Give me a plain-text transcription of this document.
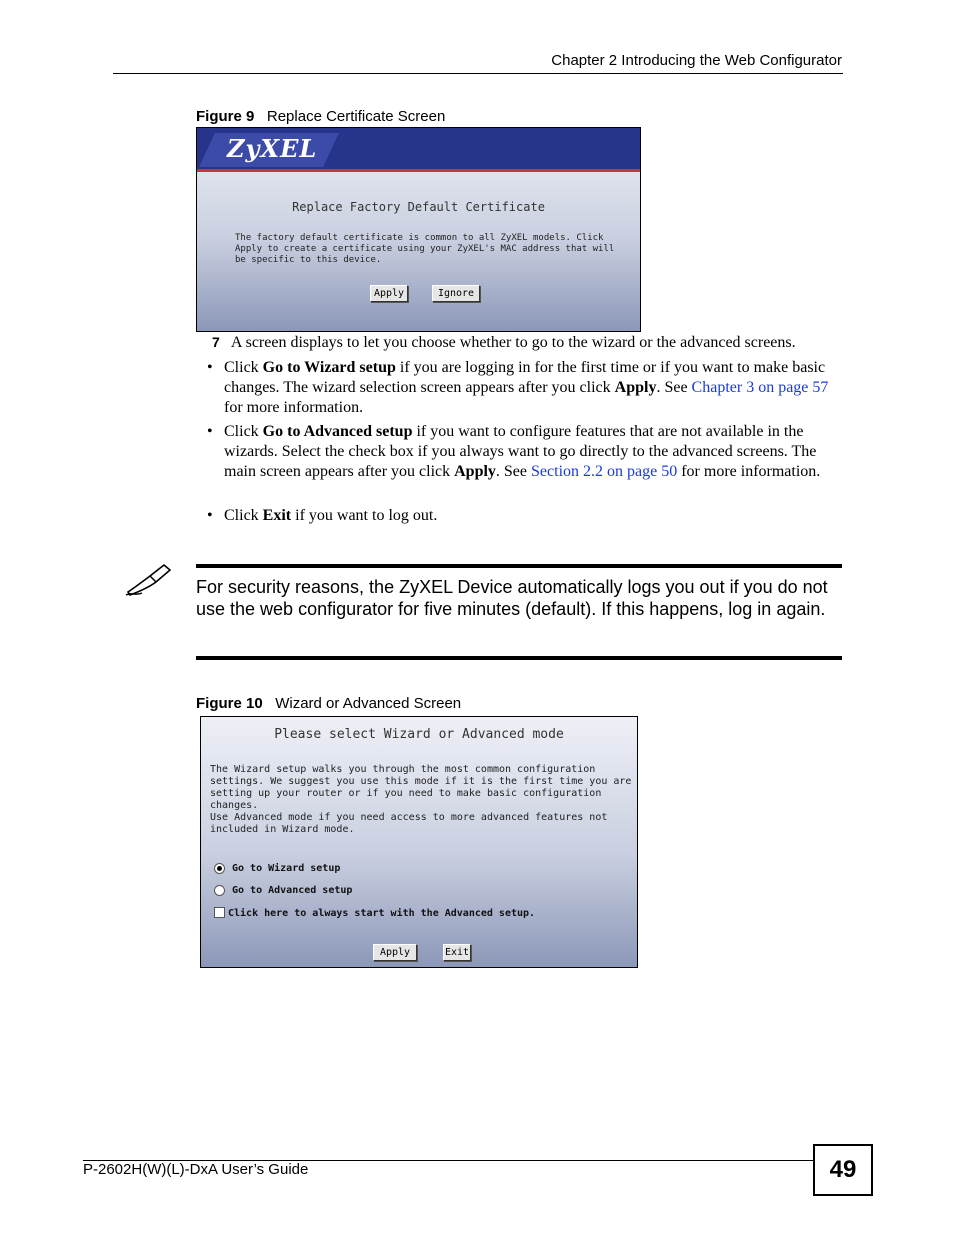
Chapter 2 Introducing the Web Configurator
Figure 9 Replace Certificate Screen
ZyXEL
Replace Factory Default Certificate
The factory default certificate is common to all ZyXEL models. Click Apply to create a certificate using your ZyXEL's MAC address that will be specific to this device.
Apply	Ignore
7 A screen displays to let you choose whether to go to the wizard or the advanced screens.
• Click Go to Wizard setup if you are logging in for the first time or if you want to make basic changes. The wizard selection screen appears after you click Apply. See Chapter 3 on page 57 for more information.
• Click Go to Advanced setup if you want to configure features that are not available in the wizards. Select the check box if you always want to go directly to the advanced screens. The main screen appears after you click Apply. See Section 2.2 on page 50 for more information.
• Click Exit if you want to log out.
For security reasons, the ZyXEL Device automatically logs you out if you do not use the web configurator for five minutes (default). If this happens, log in again.
Figure 10 Wizard or Advanced Screen
Please select Wizard or Advanced mode
The Wizard setup walks you through the most common configuration settings. We suggest you use this mode if it is the first time you are setting up your router or if you need to make basic configuration changes.
Use Advanced mode if you need access to more advanced features not included in Wizard mode.
Go to Wizard setup
Go to Advanced setup
Click here to always start with the Advanced setup.
Apply	Exit
P-2602H(W)(L)-DxA User’s Guide	49
